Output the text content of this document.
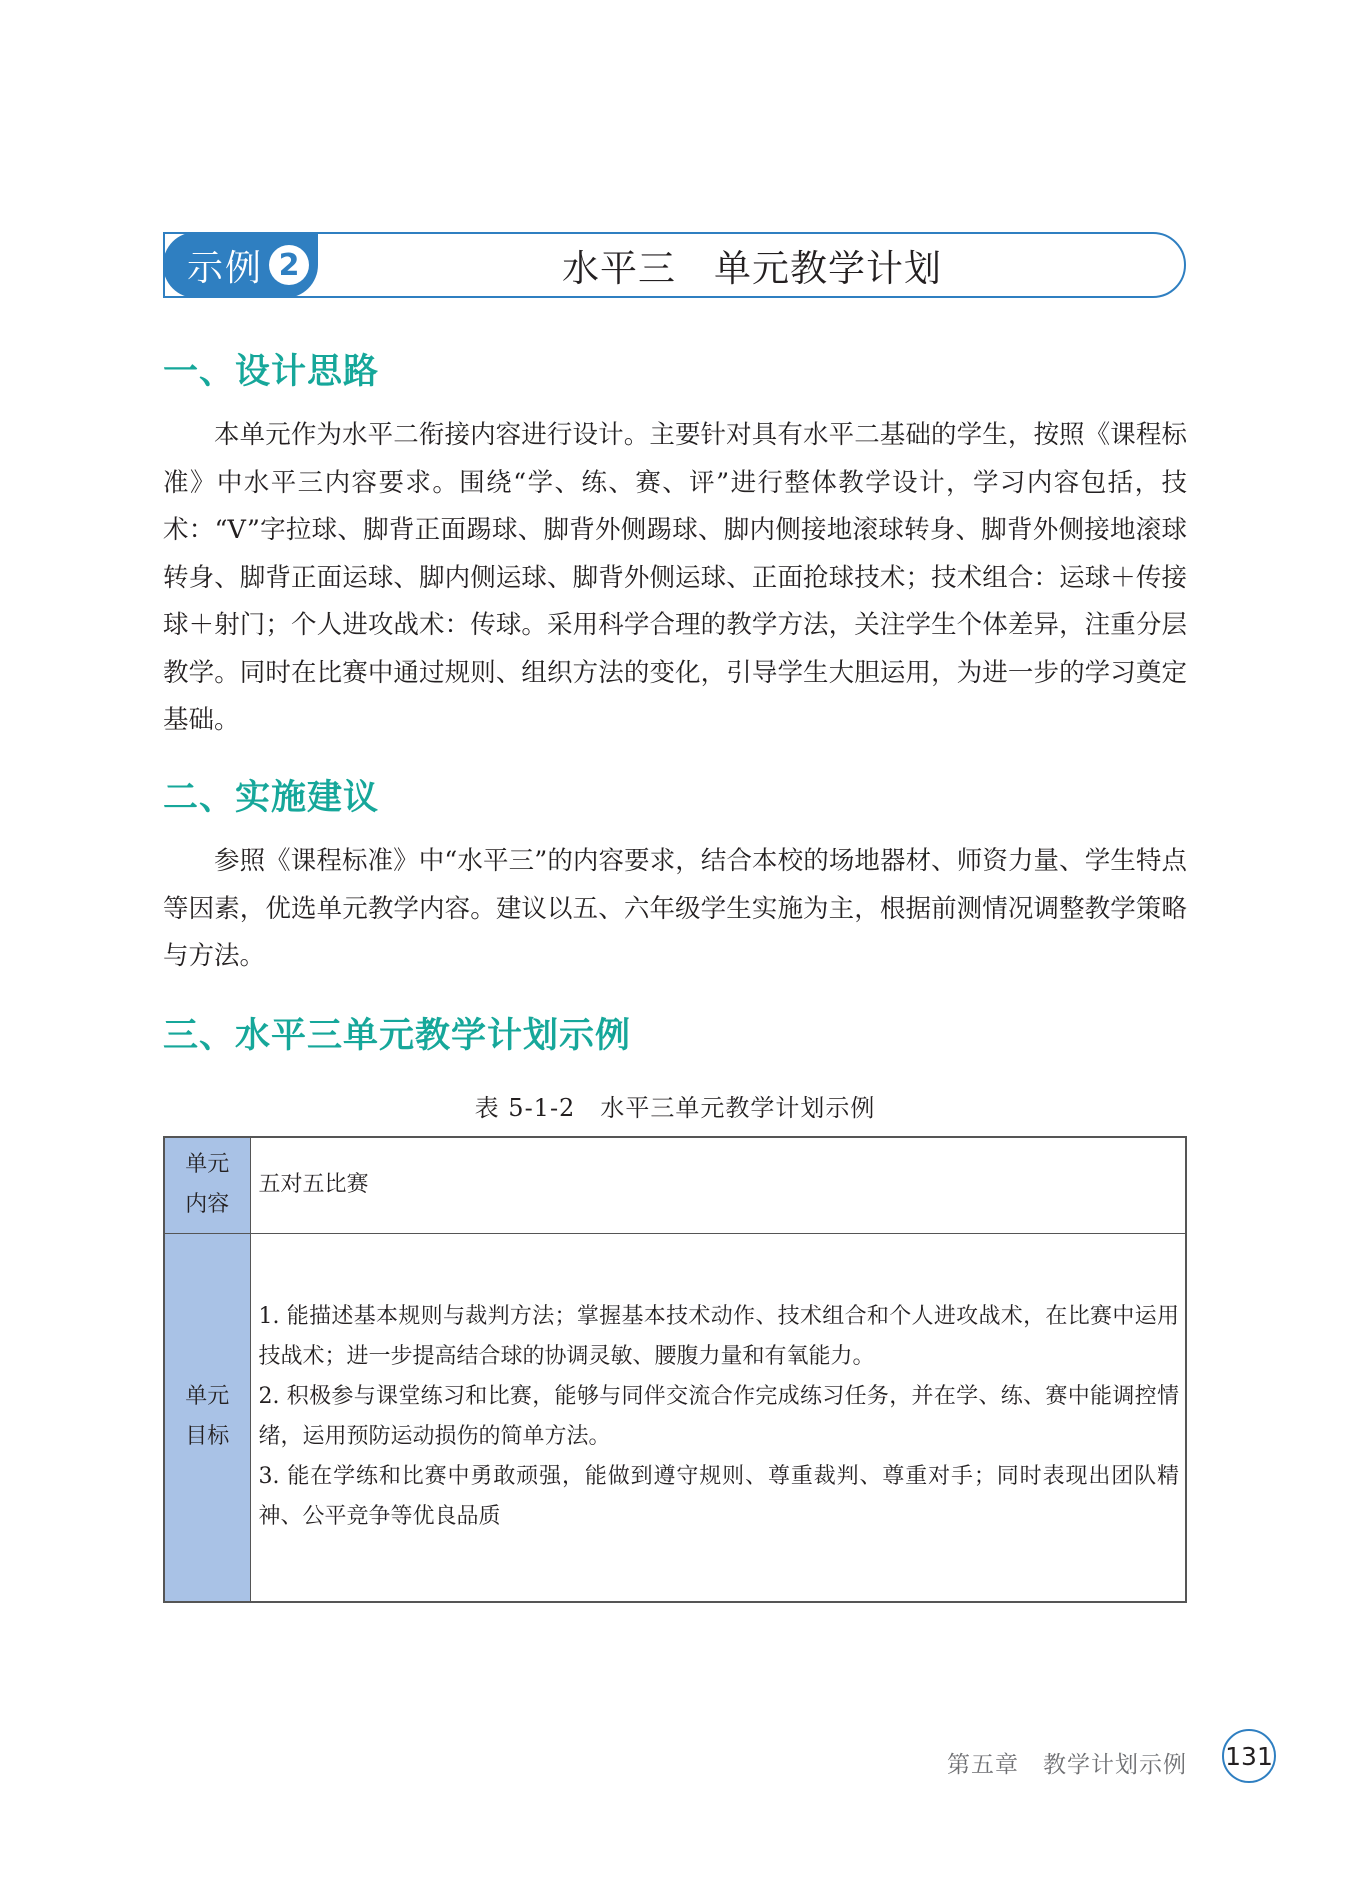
示例 2	水平三　单元教学计划
一、设计思路

本单元作为水平二衔接内容进行设计。主要针对具有水平二基础的学生，按照《课程标准》中水平三内容要求。围绕“学、练、赛、评”进行整体教学设计，学习内容包括，技术：“V”字拉球、脚背正面踢球、脚背外侧踢球、脚内侧接地滚球转身、脚背外侧接地滚球转身、脚背正面运球、脚内侧运球、脚背外侧运球、正面抢球技术；技术组合：运球＋传接球＋射门；个人进攻战术：传球。采用科学合理的教学方法，关注学生个体差异，注重分层教学。同时在比赛中通过规则、组织方法的变化，引导学生大胆运用，为进一步的学习奠定基础。

二、实施建议

参照《课程标准》中“水平三”的内容要求，结合本校的场地器材、师资力量、学生特点等因素，优选单元教学内容。建议以五、六年级学生实施为主，根据前测情况调整教学策略与方法。

三、水平三单元教学计划示例
表 5-1-2　水平三单元教学计划示例
单元
内容	五对五比赛
单元
目标	1. 能描述基本规则与裁判方法；掌握基本技术动作、技术组合和个人进攻战术，在比赛中运用技战术；进一步提高结合球的协调灵敏、腰腹力量和有氧能力。
2. 积极参与课堂练习和比赛，能够与同伴交流合作完成练习任务，并在学、练、赛中能调控情绪，运用预防运动损伤的简单方法。
3. 能在学练和比赛中勇敢顽强，能做到遵守规则、尊重裁判、尊重对手；同时表现出团队精神、公平竞争等优良品质
第五章　教学计划示例 131
